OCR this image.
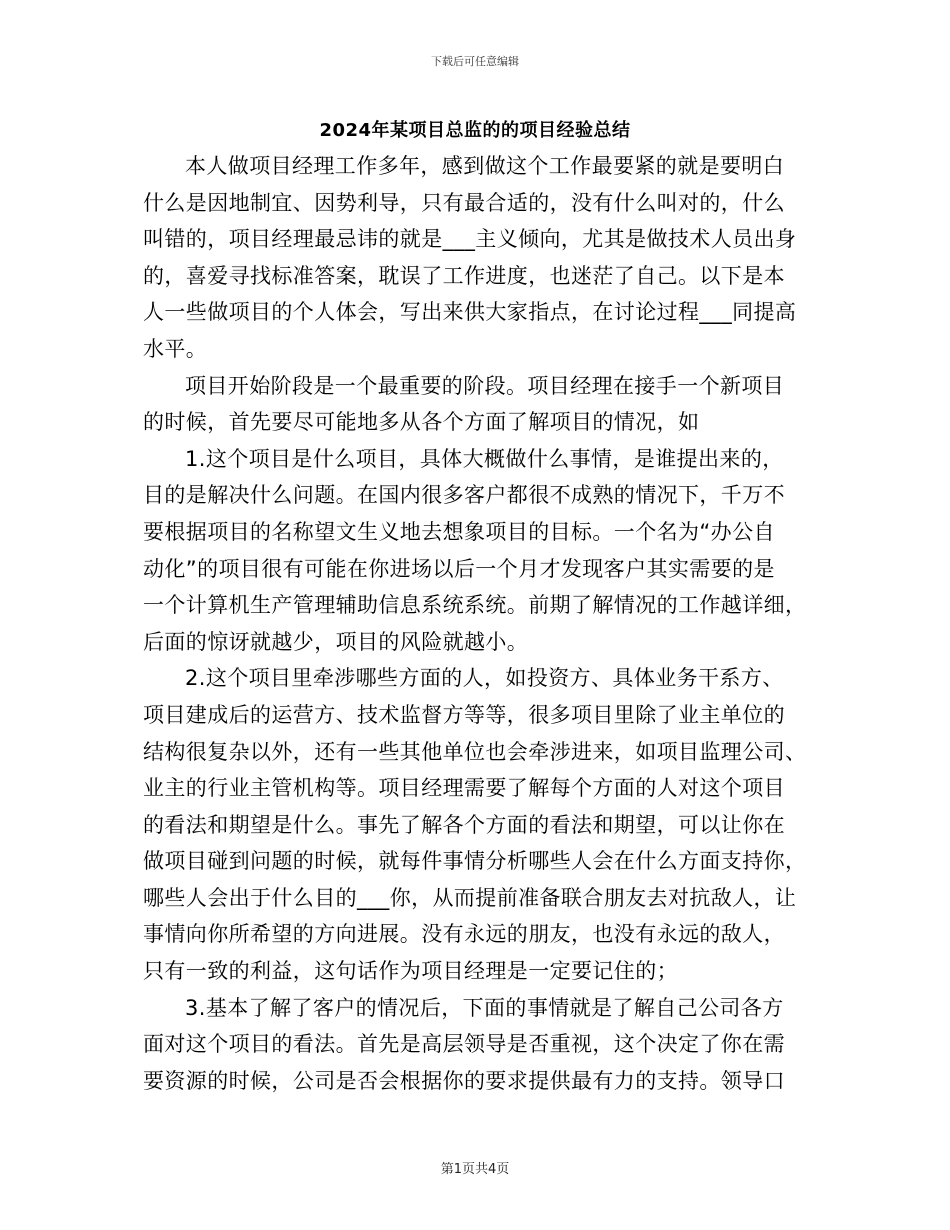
下载后可任意编辑
2024年某项目总监的的项目经验总结
本人做项目经理工作多年，感到做这个工作最要紧的就是要明白
什么是因地制宜、因势利导，只有最合适的，没有什么叫对的，什么
叫错的，项目经理最忌讳的就是___主义倾向，尤其是做技术人员出身
的，喜爱寻找标准答案，耽误了工作进度，也迷茫了自己。以下是本
人一些做项目的个人体会，写出来供大家指点，在讨论过程___同提高
水平。
项目开始阶段是一个最重要的阶段。项目经理在接手一个新项目
的时候，首先要尽可能地多从各个方面了解项目的情况，如
1.这个项目是什么项目，具体大概做什么事情，是谁提出来的，
目的是解决什么问题。在国内很多客户都很不成熟的情况下，千万不
要根据项目的名称望文生义地去想象项目的目标。一个名为“办公自
动化”的项目很有可能在你进场以后一个月才发现客户其实需要的是
一个计算机生产管理辅助信息系统系统。前期了解情况的工作越详细，
后面的惊讶就越少，项目的风险就越小。
2.这个项目里牵涉哪些方面的人，如投资方、具体业务干系方、
项目建成后的运营方、技术监督方等等，很多项目里除了业主单位的
结构很复杂以外，还有一些其他单位也会牵涉进来，如项目监理公司、
业主的行业主管机构等。项目经理需要了解每个方面的人对这个项目
的看法和期望是什么。事先了解各个方面的看法和期望，可以让你在
做项目碰到问题的时候，就每件事情分析哪些人会在什么方面支持你，
哪些人会出于什么目的___你，从而提前准备联合朋友去对抗敌人，让
事情向你所希望的方向进展。没有永远的朋友，也没有永远的敌人，
只有一致的利益，这句话作为项目经理是一定要记住的；
3.基本了解了客户的情况后，下面的事情就是了解自己公司各方
面对这个项目的看法。首先是高层领导是否重视，这个决定了你在需
要资源的时候，公司是否会根据你的要求提供最有力的支持。领导口
第1页共4页
